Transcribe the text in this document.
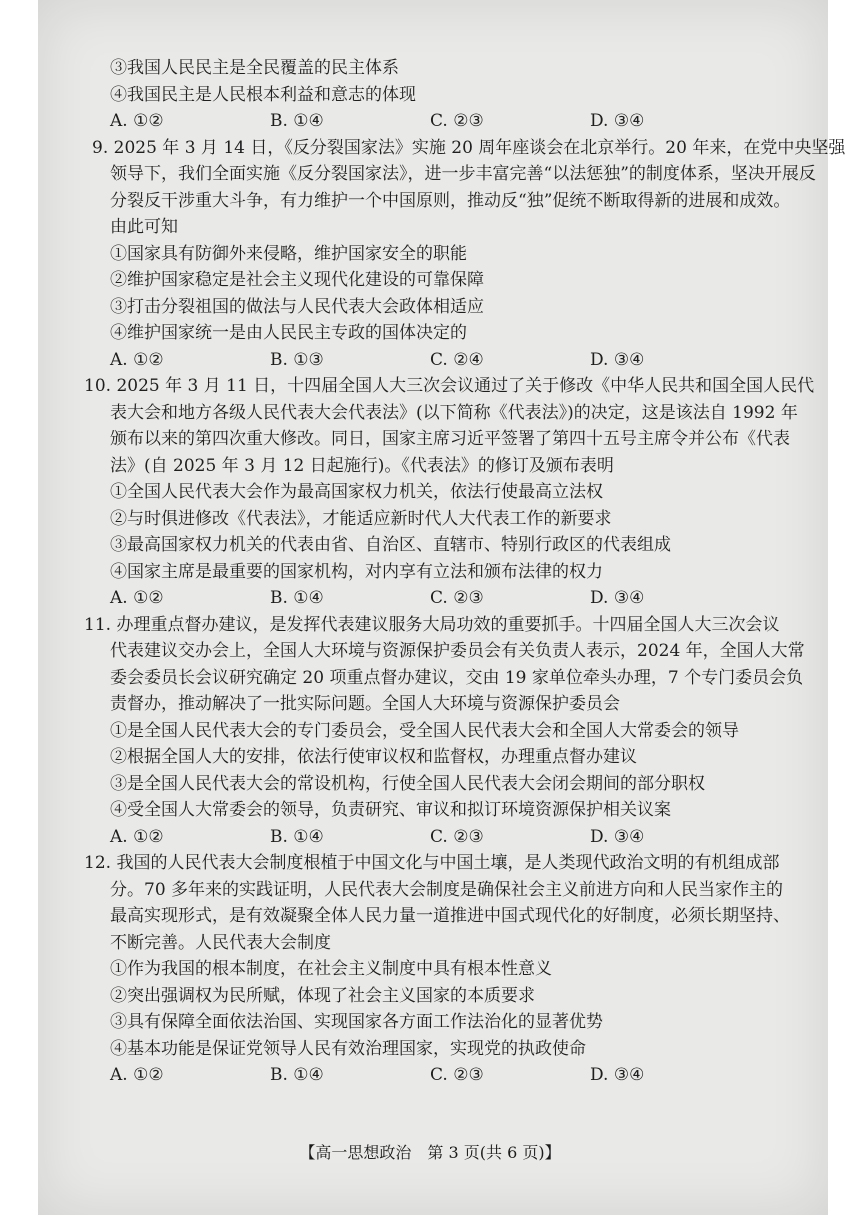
③我国人民民主是全民覆盖的民主体系
④我国民主是人民根本利益和意志的体现
A. ①②	B. ①④	C. ②③	D. ③④
9. 2025 年 3 月 14 日，《反分裂国家法》实施 20 周年座谈会在北京举行。20 年来，在党中央坚强
领导下，我们全面实施《反分裂国家法》，进一步丰富完善“以法惩独”的制度体系，坚决开展反
分裂反干涉重大斗争，有力维护一个中国原则，推动反“独”促统不断取得新的进展和成效。
由此可知
①国家具有防御外来侵略，维护国家安全的职能
②维护国家稳定是社会主义现代化建设的可靠保障
③打击分裂祖国的做法与人民代表大会政体相适应
④维护国家统一是由人民民主专政的国体决定的
A. ①②	B. ①③	C. ②④	D. ③④
10. 2025 年 3 月 11 日，十四届全国人大三次会议通过了关于修改《中华人民共和国全国人民代
表大会和地方各级人民代表大会代表法》(以下简称《代表法》)的决定，这是该法自 1992 年
颁布以来的第四次重大修改。同日，国家主席习近平签署了第四十五号主席令并公布《代表
法》(自 2025 年 3 月 12 日起施行)。《代表法》的修订及颁布表明
①全国人民代表大会作为最高国家权力机关，依法行使最高立法权
②与时俱进修改《代表法》，才能适应新时代人大代表工作的新要求
③最高国家权力机关的代表由省、自治区、直辖市、特别行政区的代表组成
④国家主席是最重要的国家机构，对内享有立法和颁布法律的权力
A. ①②	B. ①④	C. ②③	D. ③④
11. 办理重点督办建议，是发挥代表建议服务大局功效的重要抓手。十四届全国人大三次会议
代表建议交办会上，全国人大环境与资源保护委员会有关负责人表示，2024 年，全国人大常
委会委员长会议研究确定 20 项重点督办建议，交由 19 家单位牵头办理，7 个专门委员会负
责督办，推动解决了一批实际问题。全国人大环境与资源保护委员会
①是全国人民代表大会的专门委员会，受全国人民代表大会和全国人大常委会的领导
②根据全国人大的安排，依法行使审议权和监督权，办理重点督办建议
③是全国人民代表大会的常设机构，行使全国人民代表大会闭会期间的部分职权
④受全国人大常委会的领导，负责研究、审议和拟订环境资源保护相关议案
A. ①②	B. ①④	C. ②③	D. ③④
12. 我国的人民代表大会制度根植于中国文化与中国土壤，是人类现代政治文明的有机组成部
分。70 多年来的实践证明，人民代表大会制度是确保社会主义前进方向和人民当家作主的
最高实现形式，是有效凝聚全体人民力量一道推进中国式现代化的好制度，必须长期坚持、
不断完善。人民代表大会制度
①作为我国的根本制度，在社会主义制度中具有根本性意义
②突出强调权为民所赋，体现了社会主义国家的本质要求
③具有保障全面依法治国、实现国家各方面工作法治化的显著优势
④基本功能是保证党领导人民有效治理国家，实现党的执政使命
A. ①②	B. ①④	C. ②③	D. ③④
【高一思想政治　第 3 页(共 6 页)】
